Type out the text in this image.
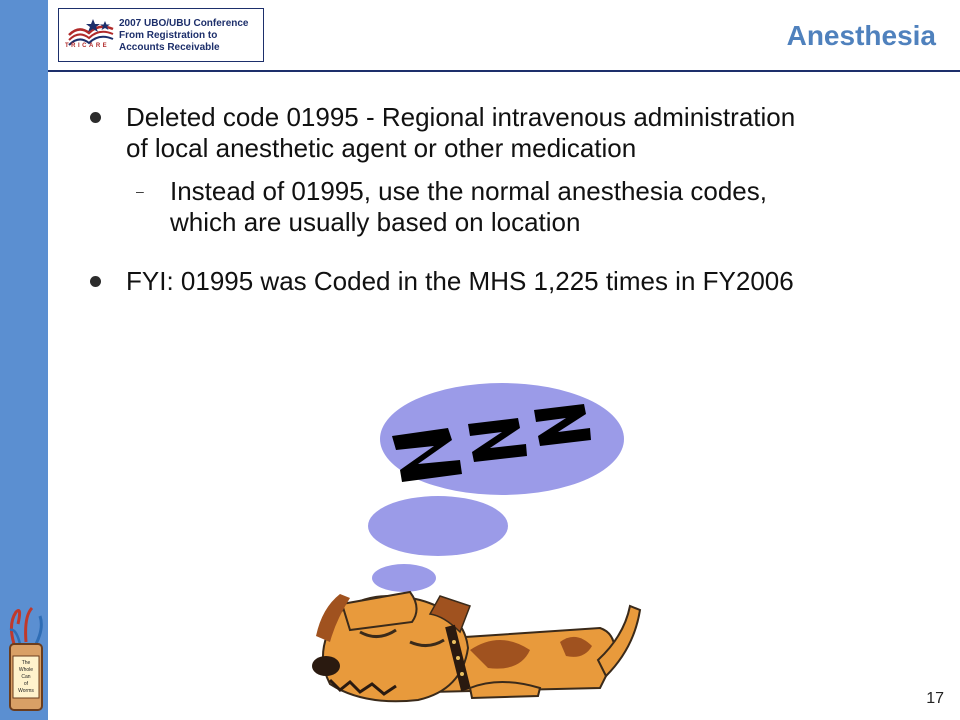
TRICARE
2007 UBO/UBU Conference
From Registration to
Accounts Receivable	Anesthesia
Deleted code 01995 - Regional intravenous administration of local anesthetic agent or other medication
– Instead of 01995, use the normal anesthesia codes, which are usually based on location
FYI: 01995 was Coded in the MHS 1,225 times in FY2006
The
Whole
Can
of
Worms	17
